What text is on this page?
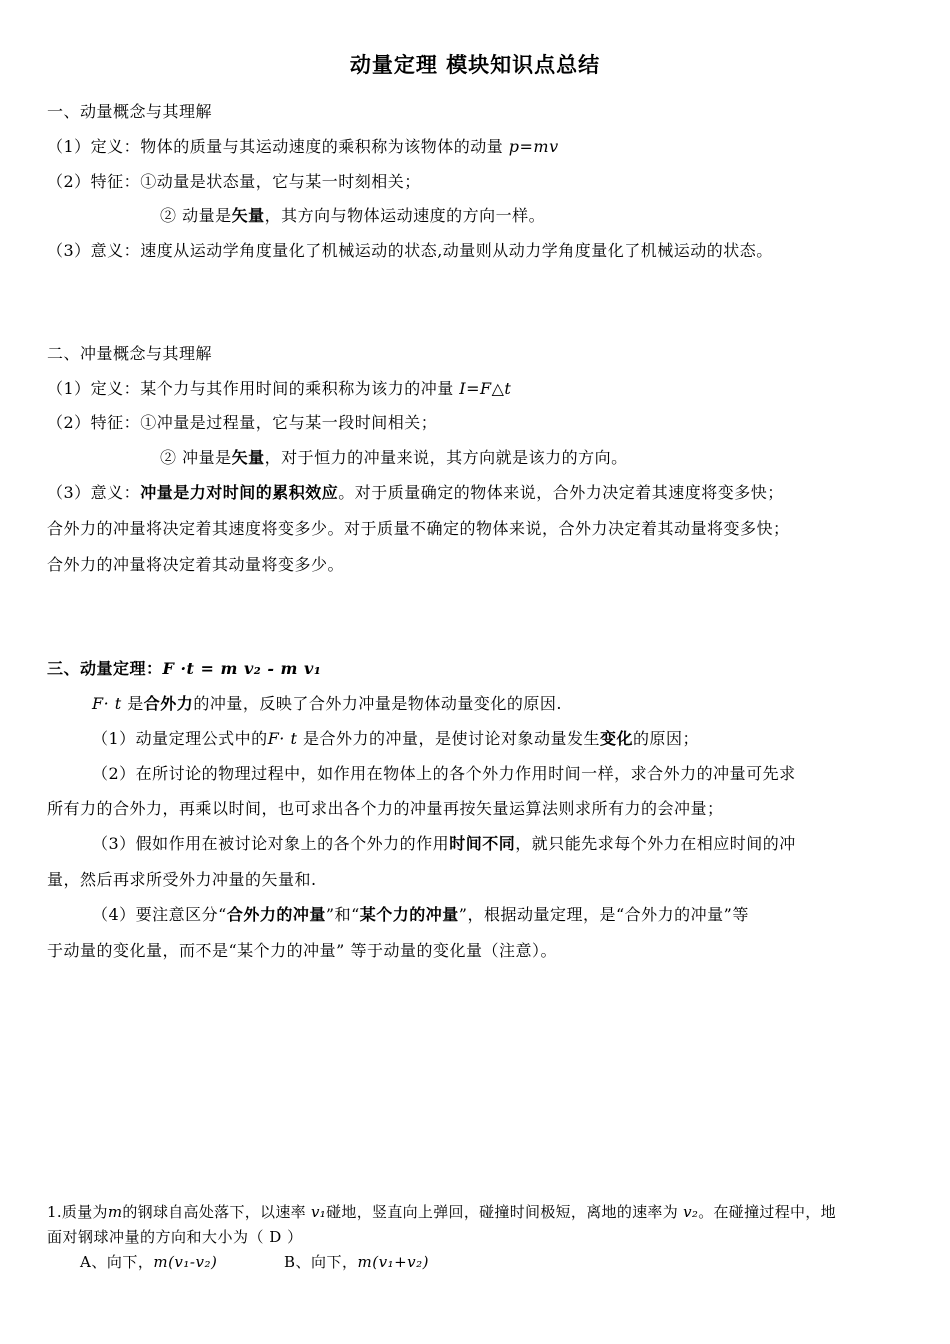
动量定理 模块知识点总结
一、动量概念与其理解
（1）定义：物体的质量与其运动速度的乘积称为该物体的动量 p=mv
（2）特征：①动量是状态量，它与某一时刻相关；
② 动量是矢量，其方向与物体运动速度的方向一样。
（3）意义：速度从运动学角度量化了机械运动的状态,动量则从动力学角度量化了机械运动的状态。
二、冲量概念与其理解
（1）定义：某个力与其作用时间的乘积称为该力的冲量 I=F△t
（2）特征：①冲量是过程量，它与某一段时间相关；
② 冲量是矢量，对于恒力的冲量来说，其方向就是该力的方向。
（3）意义：冲量是力对时间的累积效应。对于质量确定的物体来说，合外力决定着其速度将变多快；
合外力的冲量将决定着其速度将变多少。对于质量不确定的物体来说，合外力决定着其动量将变多快；
合外力的冲量将决定着其动量将变多少。
三、动量定理：F ·t = m v₂ - m v₁
F· t 是合外力的冲量，反映了合外力冲量是物体动量变化的原因.
（1）动量定理公式中的F· t 是合外力的冲量，是使讨论对象动量发生变化的原因；
（2）在所讨论的物理过程中，如作用在物体上的各个外力作用时间一样，求合外力的冲量可先求
所有力的合外力，再乘以时间，也可求出各个力的冲量再按矢量运算法则求所有力的会冲量；
（3）假如作用在被讨论对象上的各个外力的作用时间不同，就只能先求每个外力在相应时间的冲
量，然后再求所受外力冲量的矢量和.
（4）要注意区分“合外力的冲量”和“某个力的冲量”，根据动量定理，是“合外力的冲量”等
于动量的变化量，而不是“某个力的冲量” 等于动量的变化量（注意）。
1.质量为m的钢球自高处落下，以速率 v₁碰地，竖直向上弹回，碰撞时间极短，离地的速率为 v₂。在碰撞过程中，地
面对钢球冲量的方向和大小为（ D ）
A、向下，m(v₁-v₂)	B、向下，m(v₁+v₂)
